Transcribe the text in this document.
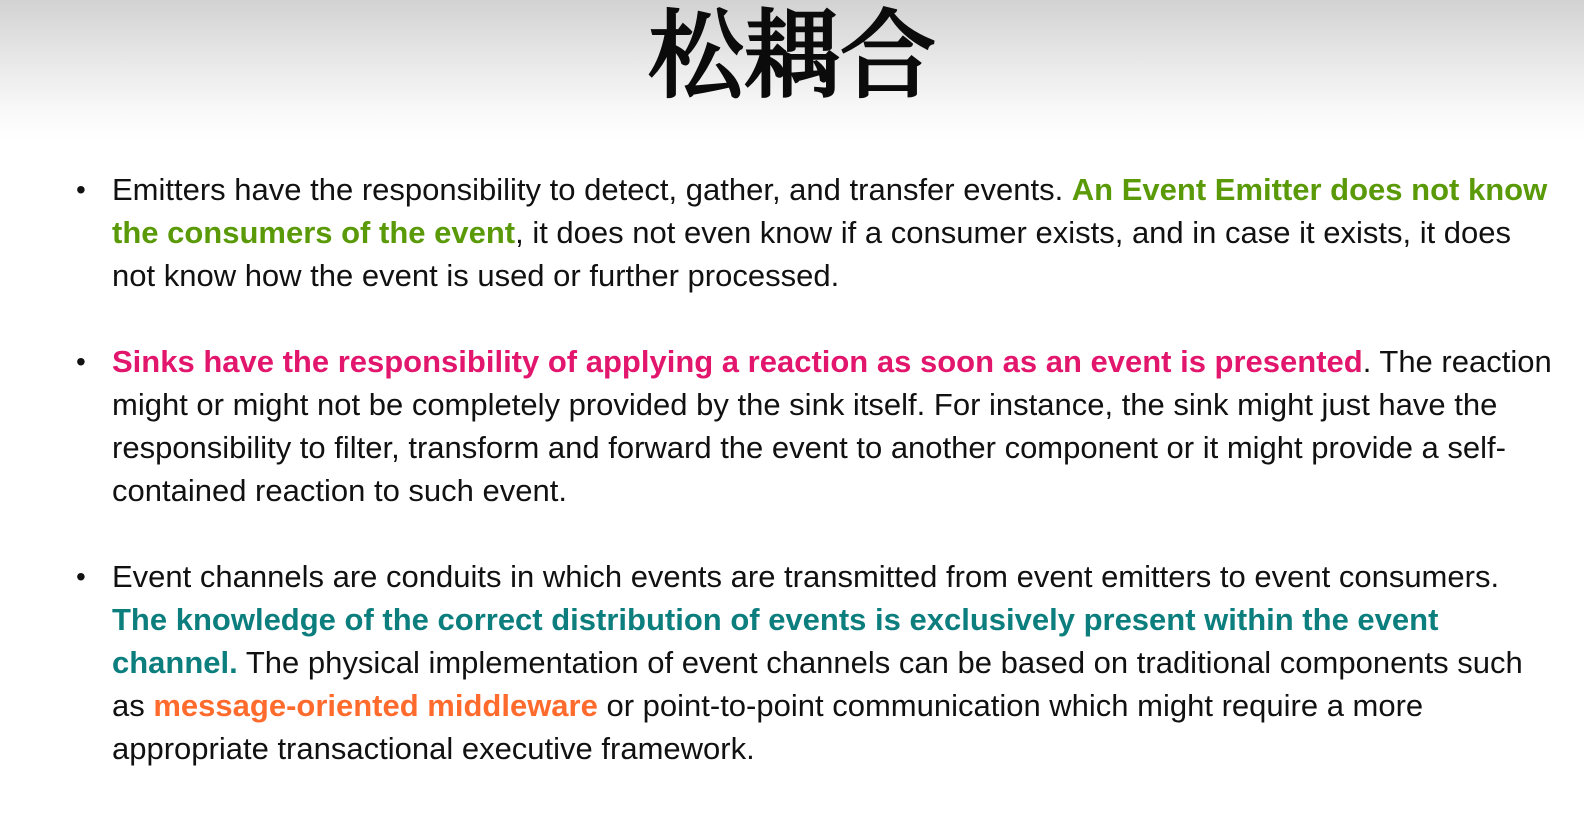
松耦合
• Emitters have the responsibility to detect, gather, and transfer events. An Event Emitter does not know the consumers of the event, it does not even know if a consumer exists, and in case it exists, it does not know how the event is used or further processed.
• Sinks have the responsibility of applying a reaction as soon as an event is presented. The reaction might or might not be completely provided by the sink itself. For instance, the sink might just have the responsibility to filter, transform and forward the event to another component or it might provide a self-contained reaction to such event.
• Event channels are conduits in which events are transmitted from event emitters to event consumers. The knowledge of the correct distribution of events is exclusively present within the event channel. The physical implementation of event channels can be based on traditional components such as message-oriented middleware or point-to-point communication which might require a more appropriate transactional executive framework.
